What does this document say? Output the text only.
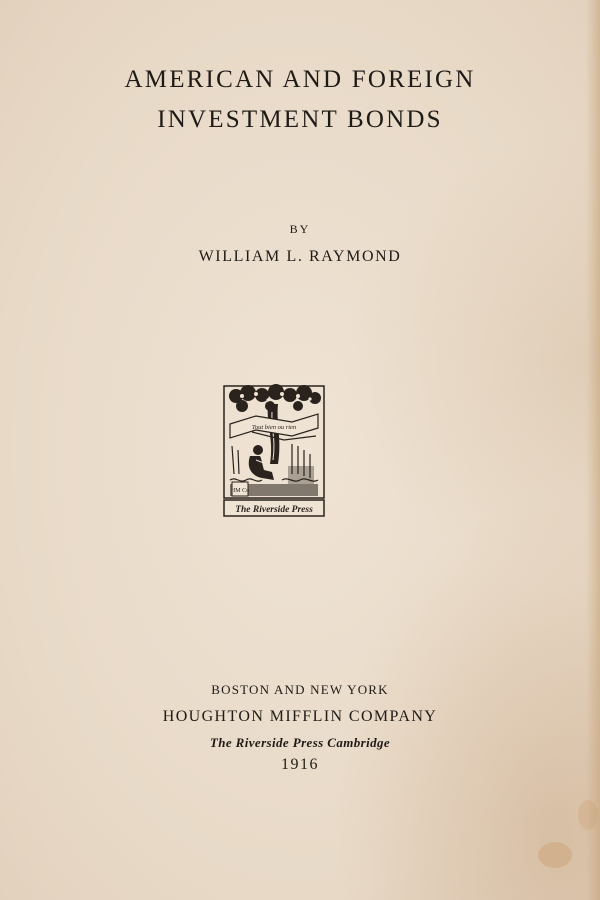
AMERICAN AND FOREIGN
INVESTMENT BONDS
BY
WILLIAM L. RAYMOND
Tout bien ou rien
HM Co
The Riverside Press
BOSTON AND NEW YORK
HOUGHTON MIFFLIN COMPANY
The Riverside Press Cambridge
1916
